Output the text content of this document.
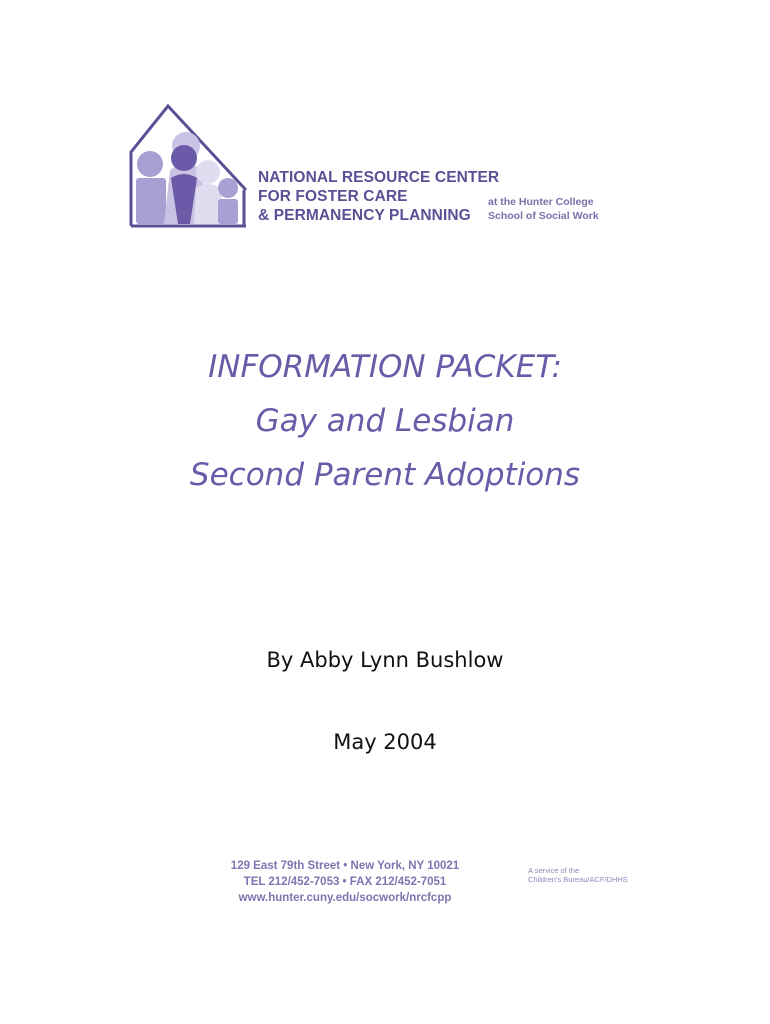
NATIONAL RESOURCE CENTER
FOR FOSTER CARE
& PERMANENCY PLANNING
at the Hunter College
School of Social Work
INFORMATION PACKET:
Gay and Lesbian
Second Parent Adoptions
By Abby Lynn Bushlow
May 2004
129 East 79th Street • New York, NY 10021
TEL 212/452-7053 • FAX 212/452-7051
www.hunter.cuny.edu/socwork/nrcfcpp
A service of the
Children's Bureau/ACF/DHHS
